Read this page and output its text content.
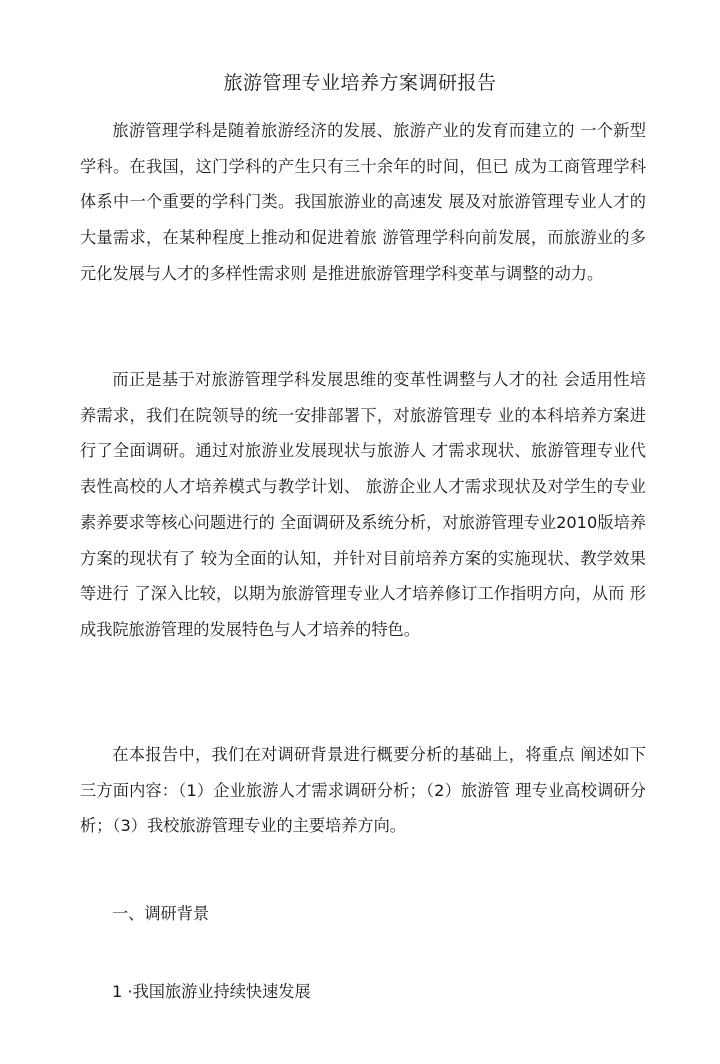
旅游管理专业培养方案调研报告
旅游管理学科是随着旅游经济的发展、旅游产业的发育而建立的 一个新型学科。在我国，这门学科的产生只有三十余年的时间，但已 成为工商管理学科体系中一个重要的学科门类。我国旅游业的高速发 展及对旅游管理专业人才的大量需求，在某种程度上推动和促进着旅 游管理学科向前发展，而旅游业的多元化发展与人才的多样性需求则 是推进旅游管理学科变革与调整的动力。
而正是基于对旅游管理学科发展思维的变革性调整与人才的社 会适用性培养需求，我们在院领导的统一安排部署下，对旅游管理专 业的本科培养方案进行了全面调研。通过对旅游业发展现状与旅游人 才需求现状、旅游管理专业代表性高校的人才培养模式与教学计划、 旅游企业人才需求现状及对学生的专业素养要求等核心问题进行的 全面调研及系统分析，对旅游管理专业2010版培养方案的现状有了 较为全面的认知，并针对目前培养方案的实施现状、教学效果等进行 了深入比较，以期为旅游管理专业人才培养修订工作指明方向，从而 形成我院旅游管理的发展特色与人才培养的特色。
在本报告中，我们在对调研背景进行概要分析的基础上，将重点 阐述如下三方面内容：（1）企业旅游人才需求调研分析；（2）旅游管 理专业高校调研分析；（3）我校旅游管理专业的主要培养方向。
一、调研背景
1 ·我国旅游业持续快速发展
